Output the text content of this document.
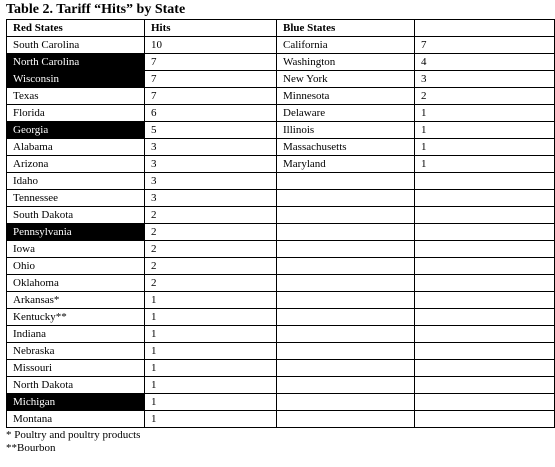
Table 2. Tariff “Hits” by State
Red States	Hits	Blue States	
South Carolina	10	California	7
North Carolina	7	Washington	4
Wisconsin	7	New York	3
Texas	7	Minnesota	2
Florida	6	Delaware	1
Georgia	5	Illinois	1
Alabama	3	Massachusetts	1
Arizona	3	Maryland	1
Idaho	3		
Tennessee	3		
South Dakota	2		
Pennsylvania	2		
Iowa	2		
Ohio	2		
Oklahoma	2		
Arkansas*	1		
Kentucky**	1		
Indiana	1		
Nebraska	1		
Missouri	1		
North Dakota	1		
Michigan	1		
Montana	1		
* Poultry and poultry products
**Bourbon
